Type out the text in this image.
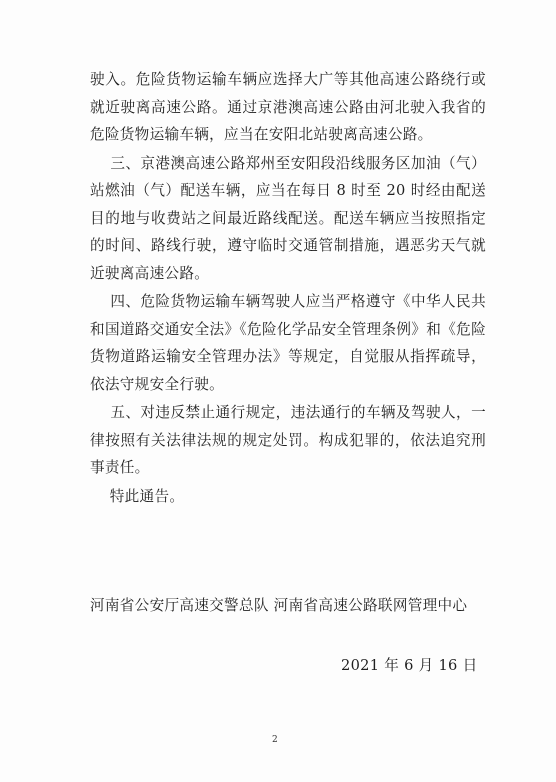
驶入。危险货物运输车辆应选择大广等其他高速公路绕行或就近驶离高速公路。通过京港澳高速公路由河北驶入我省的危险货物运输车辆，应当在安阳北站驶离高速公路。

三、京港澳高速公路郑州至安阳段沿线服务区加油（气）站燃油（气）配送车辆，应当在每日 8 时至 20 时经由配送目的地与收费站之间最近路线配送。配送车辆应当按照指定的时间、路线行驶，遵守临时交通管制措施，遇恶劣天气就近驶离高速公路。

四、危险货物运输车辆驾驶人应当严格遵守《中华人民共和国道路交通安全法》《危险化学品安全管理条例》和《危险货物道路运输安全管理办法》等规定，自觉服从指挥疏导，依法守规安全行驶。

五、对违反禁止通行规定，违法通行的车辆及驾驶人，一律按照有关法律法规的规定处罚。构成犯罪的，依法追究刑事责任。

特此通告。

河南省公安厅高速交警总队 河南省高速公路联网管理中心
2021 年 6 月 16 日
2
